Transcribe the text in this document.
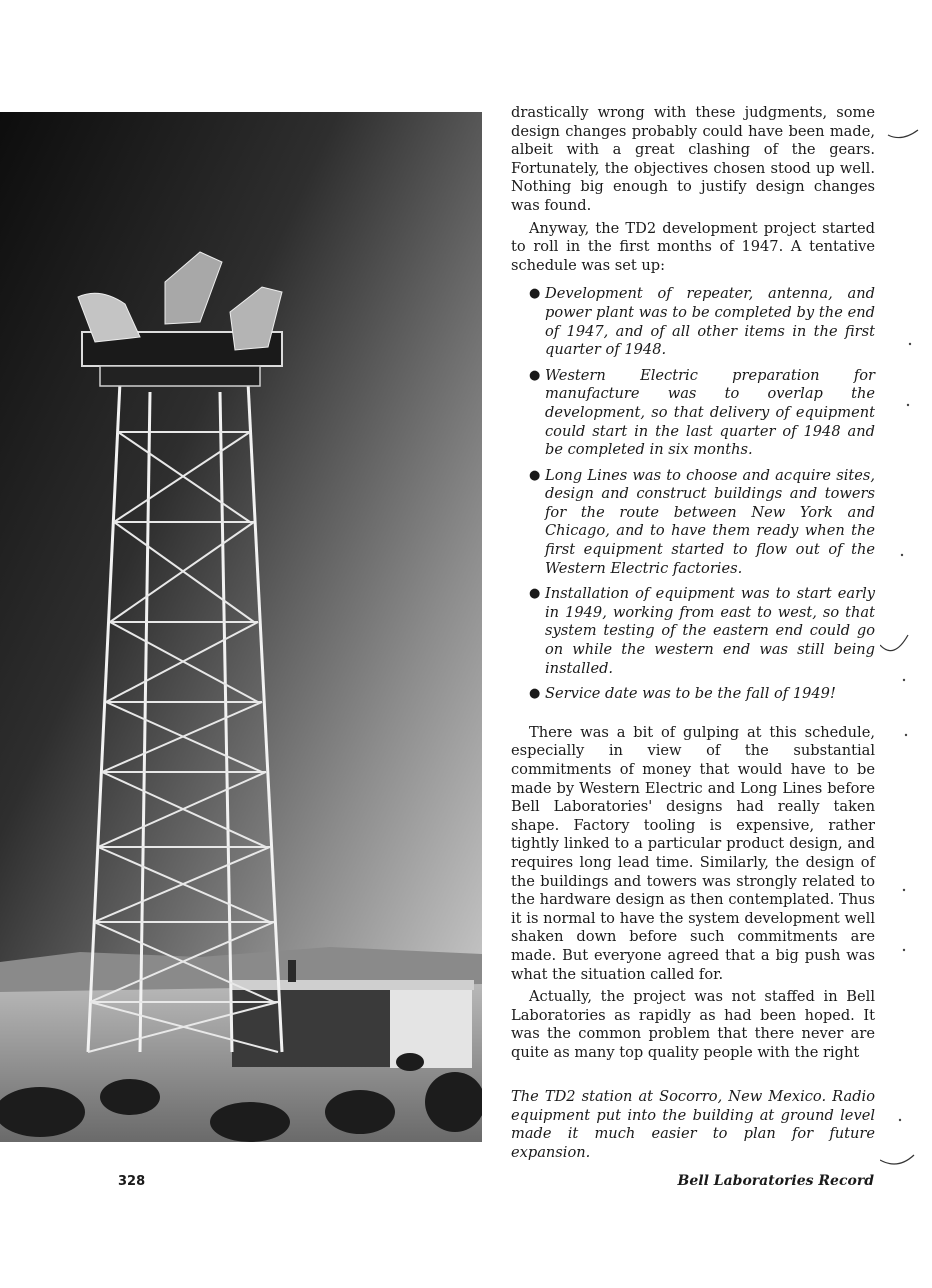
drastically wrong with these judgments, some design changes probably could have been made, albeit with a great clashing of the gears. Fortunately, the objectives chosen stood up well. Nothing big enough to justify design changes was found.

Anyway, the TD2 development project started to roll in the first months of 1947. A tentative schedule was set up:

● Development of repeater, antenna, and power plant was to be completed by the end of 1947, and of all other items in the first quarter of 1948.
● Western Electric preparation for manufacture was to overlap the development, so that delivery of equipment could start in the last quarter of 1948 and be completed in six months.
● Long Lines was to choose and acquire sites, design and construct buildings and towers for the route between New York and Chicago, and to have them ready when the first equipment started to flow out of the Western Electric factories.
● Installation of equipment was to start early in 1949, working from east to west, so that system testing of the eastern end could go on while the western end was still being installed.
● Service date was to be the fall of 1949!

There was a bit of gulping at this schedule, especially in view of the substantial commitments of money that would have to be made by Western Electric and Long Lines before Bell Laboratories' designs had really taken shape. Factory tooling is expensive, rather tightly linked to a particular product design, and requires long lead time. Similarly, the design of the buildings and towers was strongly related to the hardware design as then contemplated. Thus it is normal to have the system development well shaken down before such commitments are made. But everyone agreed that a big push was what the situation called for.

Actually, the project was not staffed in Bell Laboratories as rapidly as had been hoped. It was the common problem that there never are quite as many top quality people with the right

The TD2 station at Socorro, New Mexico. Radio equipment put into the building at ground level made it much easier to plan for future expansion.
328	Bell Laboratories Record
